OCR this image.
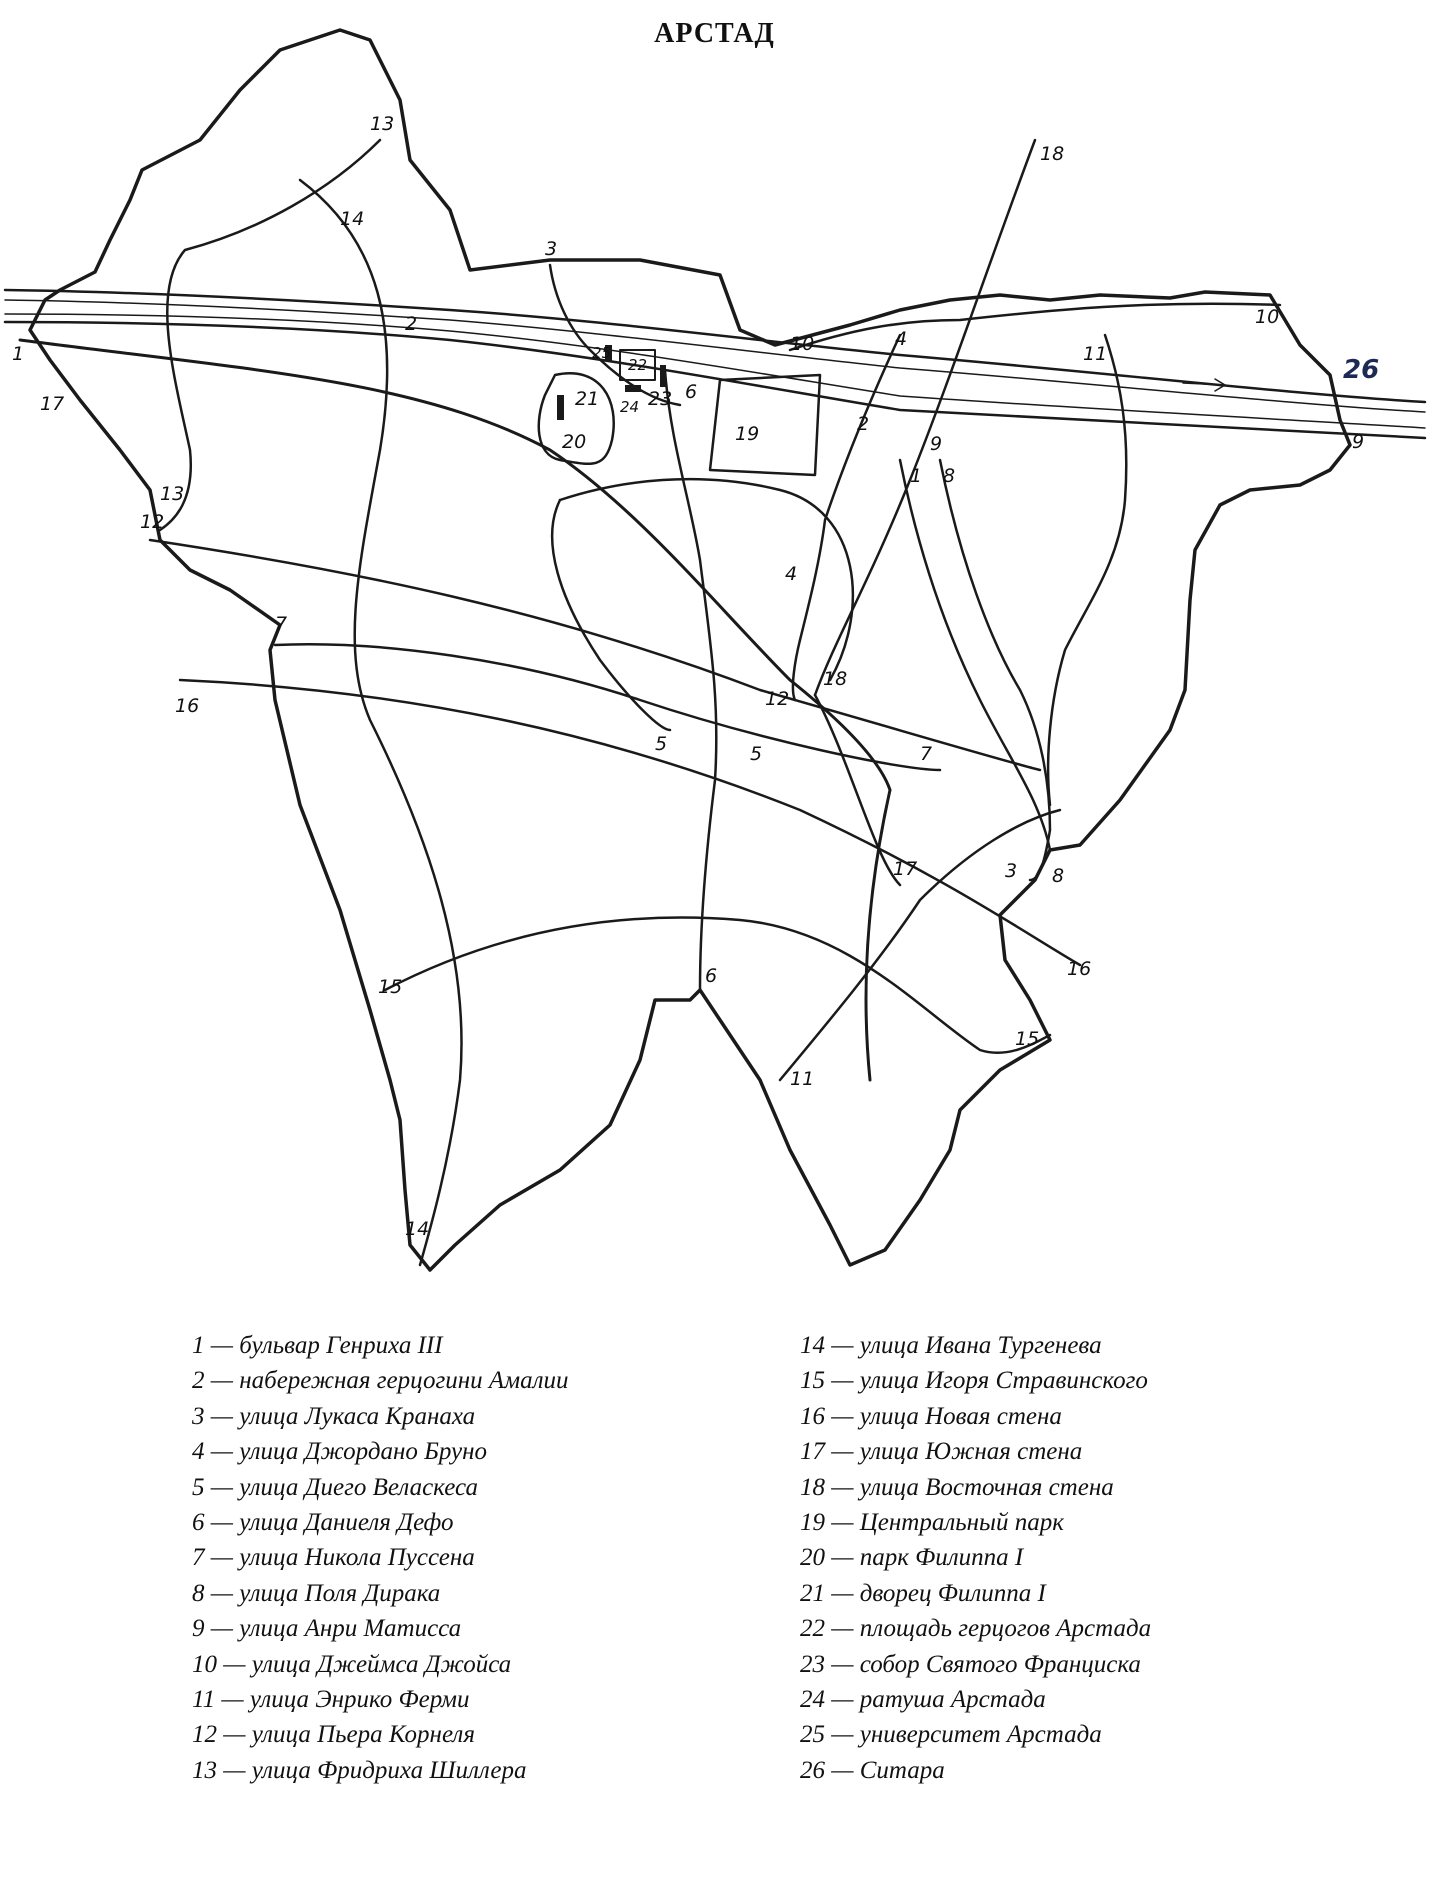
АРСТАД
1
1
2
2
3
3
4
4
5	5
6
6
7
7
8
8
9	9
10
10
11
11
12
12
13
13
14
14
15
15
16
16
17
17
18
18
19
20
21
22
23
24
25
26
1 — бульвар Генриха III
2 — набережная герцогини Амалии
3 — улица Лукаса Кранаха
4 — улица Джордано Бруно
5 — улица Диего Веласкеса
6 — улица Даниеля Дефо
7 — улица Никола Пуссена
8 — улица Поля Дирака
9 — улица Анри Матисса
10 — улица Джеймса Джойса
11 — улица Энрико Ферми
12 — улица Пьера Корнеля
13 — улица Фридриха Шиллера
14 — улица Ивана Тургенева
15 — улица Игоря Стравинского
16 — улица Новая стена
17 — улица Южная стена
18 — улица Восточная стена
19 — Центральный парк
20 — парк Филиппа I
21 — дворец Филиппа I
22 — площадь герцогов Арстада
23 — собор Святого Франциска
24 — ратуша Арстада
25 — университет Арстада
26 — Ситара
